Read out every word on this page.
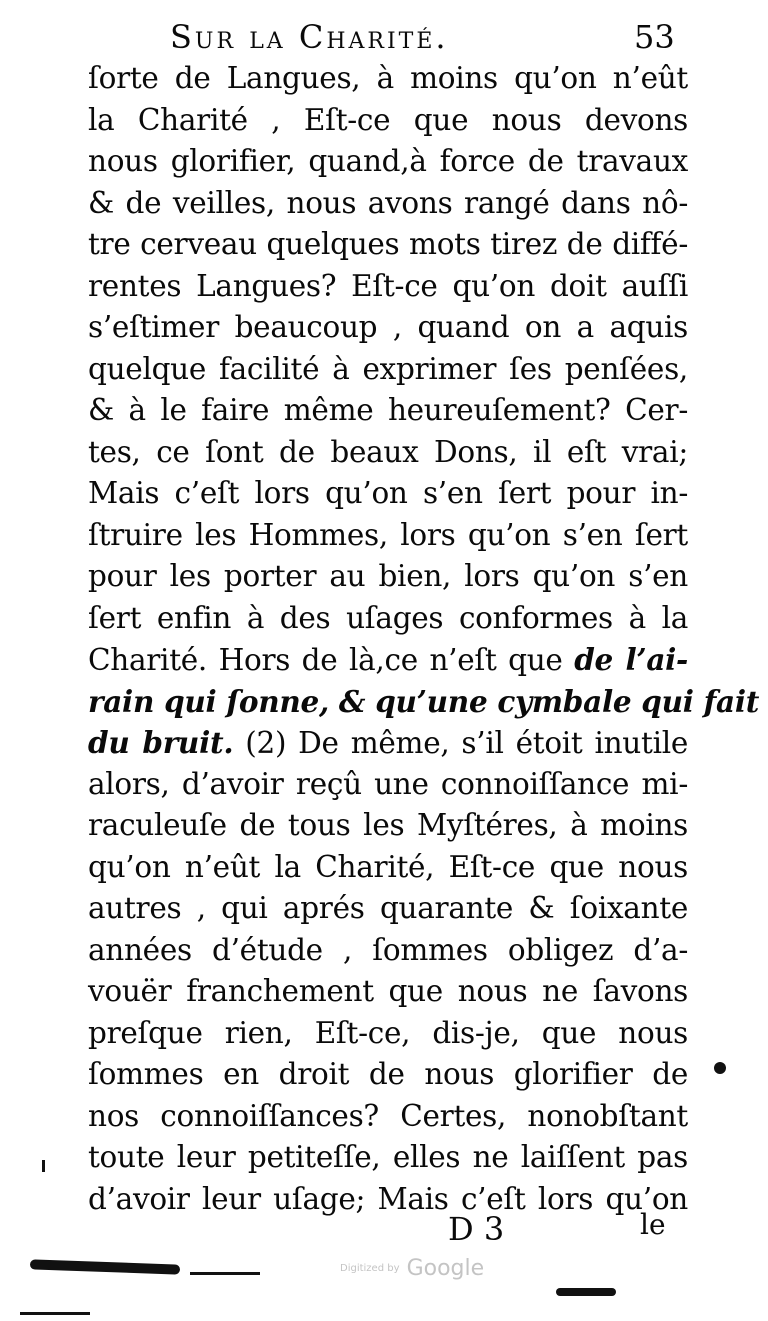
Sur la Charité.	53
ſorte de Langues, à moins qu’on n’eût
la Charité , Eſt-ce que nous devons
nous glorifier, quand,à force de travaux
& de veilles, nous avons rangé dans nô-
tre cerveau quelques mots tirez de diffé-
rentes Langues? Eſt-ce qu’on doit auſſi
s’eſtimer beaucoup , quand on a aquis
quelque facilité à exprimer ſes penſées,
& à le faire même heureuſement? Cer-
tes, ce ſont de beaux Dons, il eſt vrai;
Mais c’eſt lors qu’on s’en ſert pour in-
ſtruire les Hommes, lors qu’on s’en ſert
pour les porter au bien, lors qu’on s’en
ſert enfin à des uſages conformes à la
Charité. Hors de là,ce n’eſt que de l’ai-
rain qui ſonne, & qu’une cymbale qui fait
du bruit. (2) De même, s’il étoit inutile
alors, d’avoir reçû une connoiſſance mi-
raculeuſe de tous les Myſtéres, à moins
qu’on n’eût la Charité, Eſt-ce que nous
autres , qui aprés quarante & ſoixante
années d’étude , ſommes obligez d’a-
vouër franchement que nous ne ſavons
preſque rien, Eſt-ce, dis-je, que nous
ſommes en droit de nous glorifier de
nos connoiſſances? Certes, nonobſtant
toute leur petiteſſe, elles ne laiſſent pas
d’avoir leur uſage; Mais c’eſt lors qu’on
D 3	le
Digitized by Google
